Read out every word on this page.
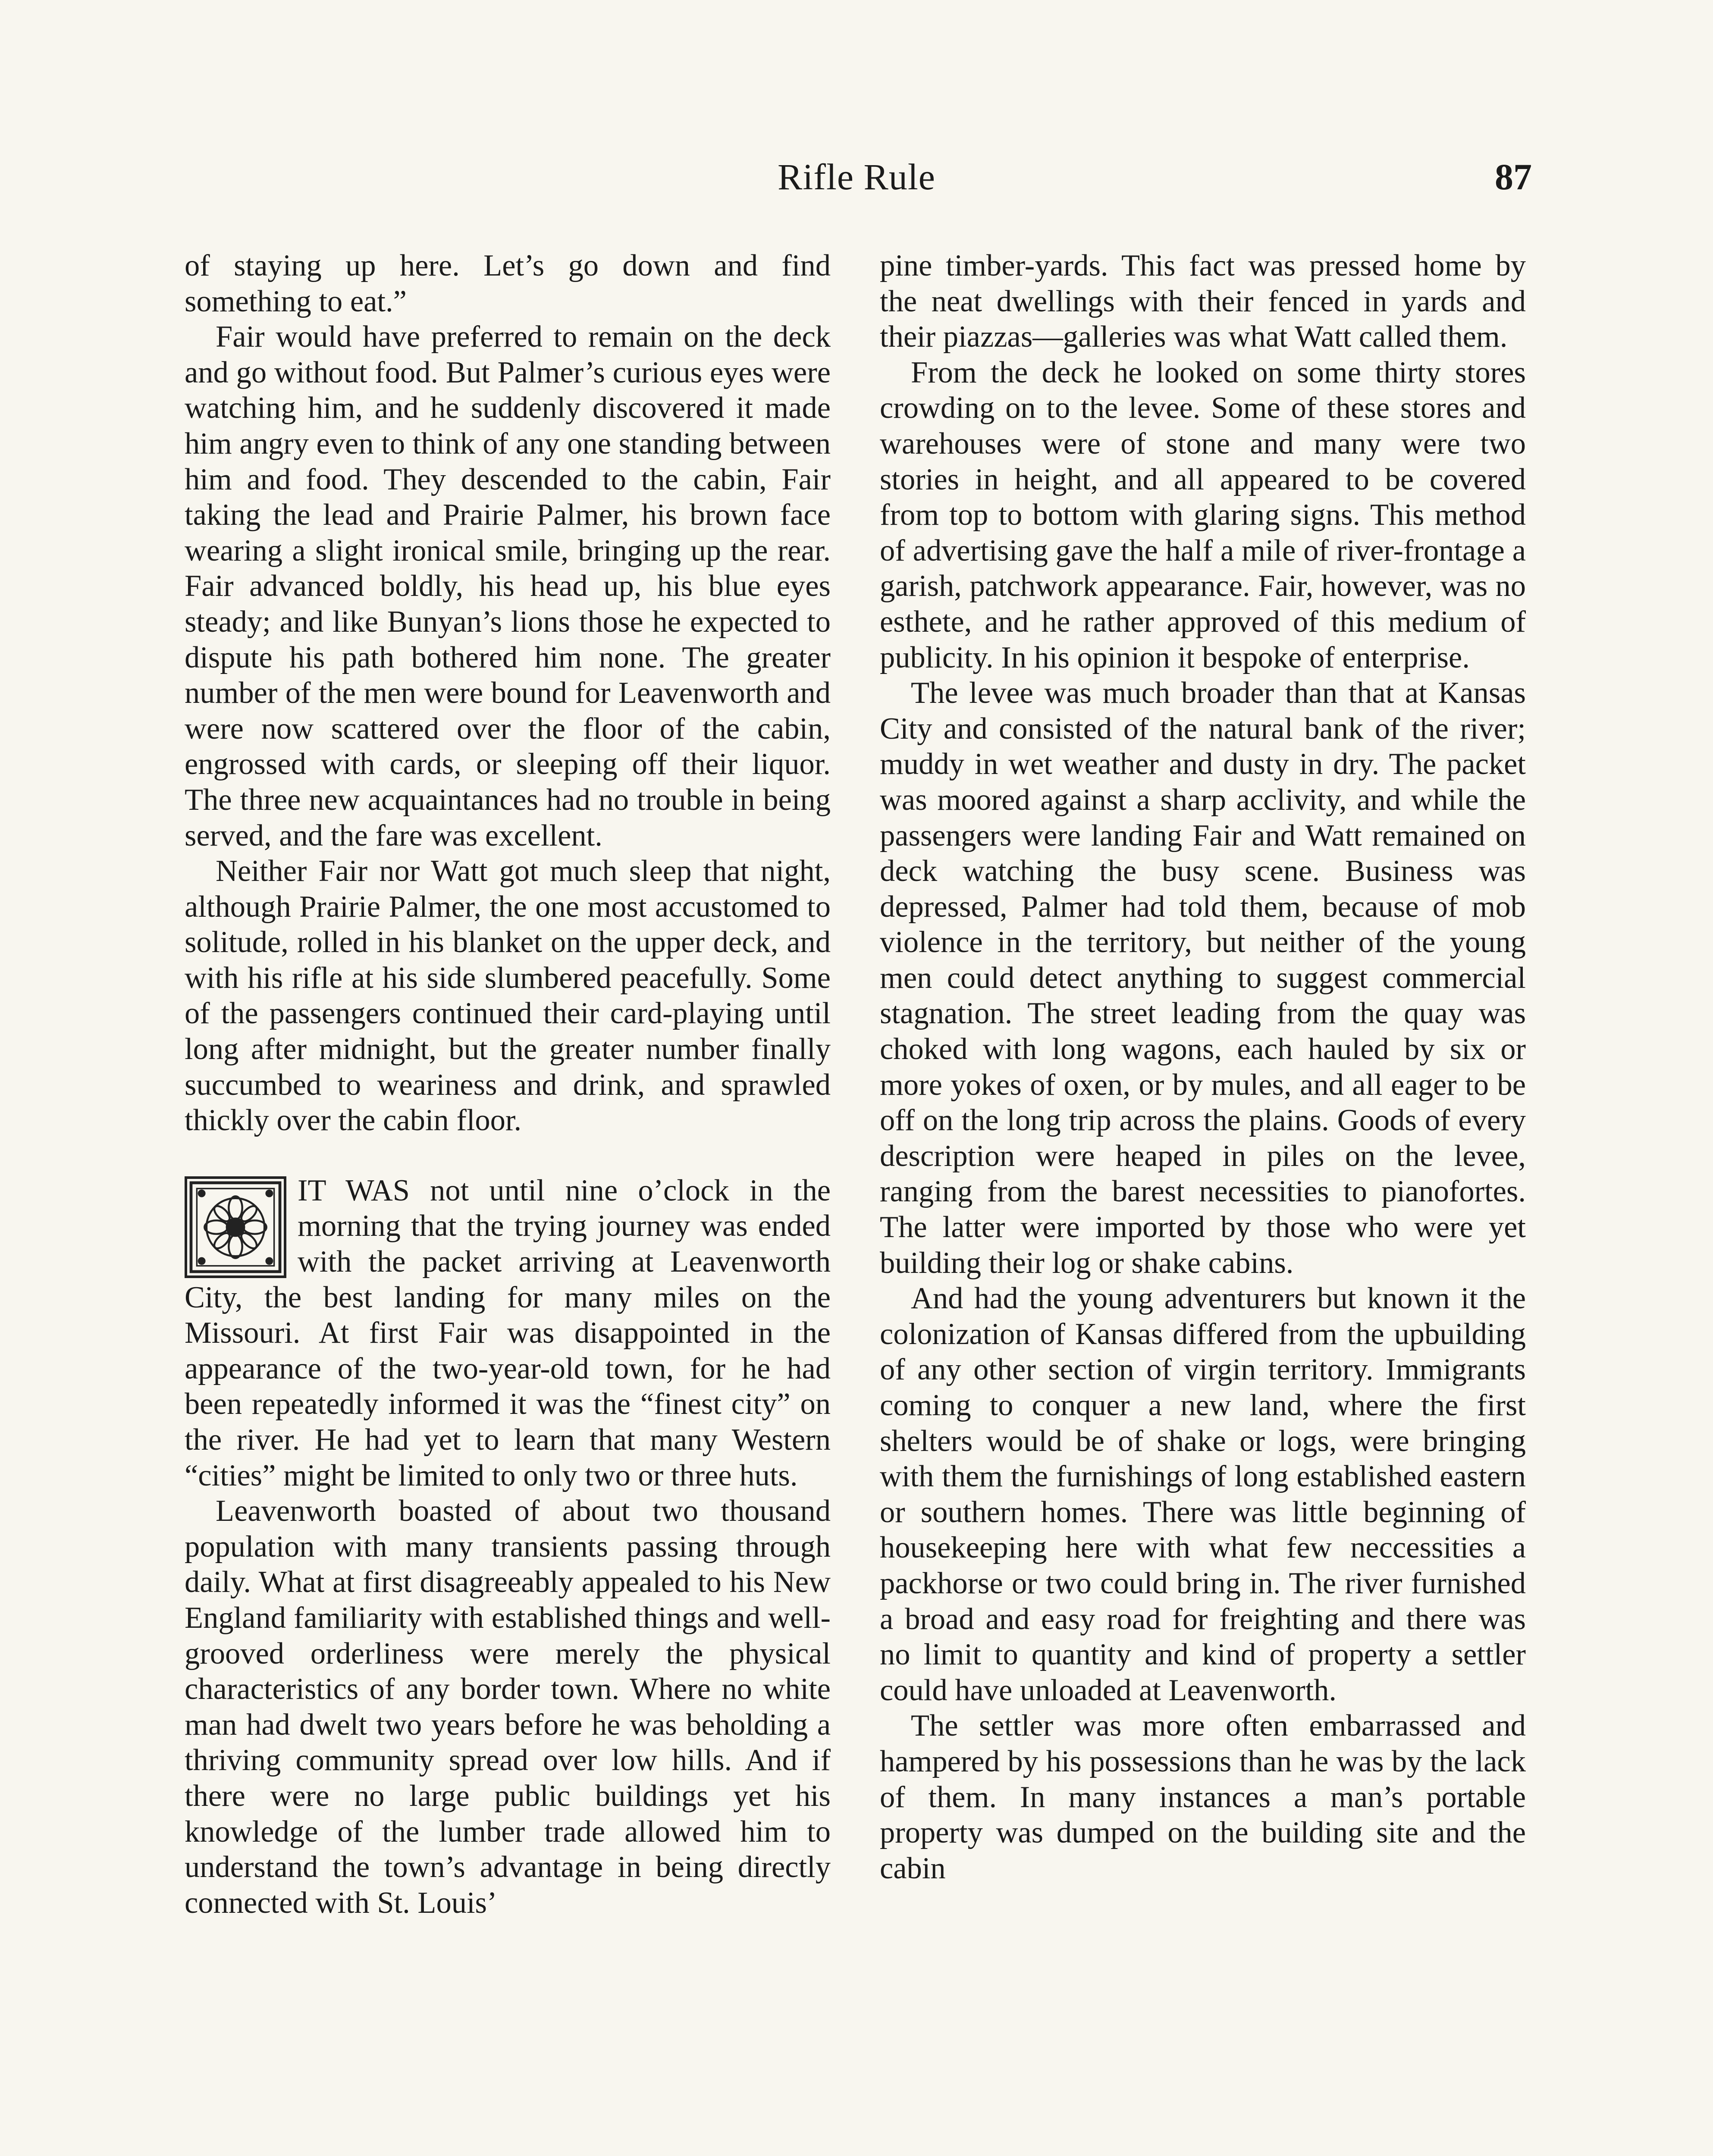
Rifle Rule	87

of staying up here. Let’s go down and find something to eat.”

Fair would have preferred to remain on the deck and go without food. But Palmer’s curious eyes were watching him, and he suddenly discovered it made him angry even to think of any one standing between him and food. They descended to the cabin, Fair taking the lead and Prairie Palmer, his brown face wearing a slight ironical smile, bringing up the rear. Fair advanced boldly, his head up, his blue eyes steady; and like Bunyan’s lions those he expected to dispute his path bothered him none. The greater number of the men were bound for Leavenworth and were now scattered over the floor of the cabin, engrossed with cards, or sleeping off their liquor. The three new acquaintances had no trouble in being served, and the fare was excellent.

Neither Fair nor Watt got much sleep that night, although Prairie Palmer, the one most accustomed to solitude, rolled in his blanket on the upper deck, and with his rifle at his side slumbered peacefully. Some of the passengers continued their card-playing until long after midnight, but the greater number finally succumbed to weariness and drink, and sprawled thickly over the cabin floor.

IT WAS not until nine o’clock in the morning that the trying journey was ended with the packet arriving at Leavenworth City, the best landing for many miles on the Missouri. At first Fair was disappointed in the appearance of the two-year-old town, for he had been repeatedly informed it was the “finest city” on the river. He had yet to learn that many Western “cities” might be limited to only two or three huts.

Leavenworth boasted of about two thousand population with many transients passing through daily. What at first disagreeably appealed to his New England familiarity with established things and well-grooved orderliness were merely the physical characteristics of any border town. Where no white man had dwelt two years before he was beholding a thriving community spread over low hills. And if there were no large public buildings yet his knowledge of the lumber trade allowed him to understand the town’s advantage in being directly connected with St. Louis’

pine timber-yards. This fact was pressed home by the neat dwellings with their fenced in yards and their piazzas—galleries was what Watt called them.

From the deck he looked on some thirty stores crowding on to the levee. Some of these stores and warehouses were of stone and many were two stories in height, and all appeared to be covered from top to bottom with glaring signs. This method of advertising gave the half a mile of river-frontage a garish, patchwork appearance. Fair, however, was no esthete, and he rather approved of this medium of publicity. In his opinion it bespoke of enterprise.

The levee was much broader than that at Kansas City and consisted of the natural bank of the river; muddy in wet weather and dusty in dry. The packet was moored against a sharp acclivity, and while the passengers were landing Fair and Watt remained on deck watching the busy scene. Business was depressed, Palmer had told them, because of mob violence in the territory, but neither of the young men could detect anything to suggest commercial stagnation. The street leading from the quay was choked with long wagons, each hauled by six or more yokes of oxen, or by mules, and all eager to be off on the long trip across the plains. Goods of every description were heaped in piles on the levee, ranging from the barest necessities to pianofortes. The latter were imported by those who were yet building their log or shake cabins.

And had the young adventurers but known it the colonization of Kansas differed from the upbuilding of any other section of virgin territory. Immigrants coming to conquer a new land, where the first shelters would be of shake or logs, were bringing with them the furnishings of long established eastern or southern homes. There was little beginning of housekeeping here with what few neccessities a packhorse or two could bring in. The river furnished a broad and easy road for freighting and there was no limit to quantity and kind of property a settler could have unloaded at Leavenworth.

The settler was more often embarrassed and hampered by his possessions than he was by the lack of them. In many instances a man’s portable property was dumped on the building site and the cabin
